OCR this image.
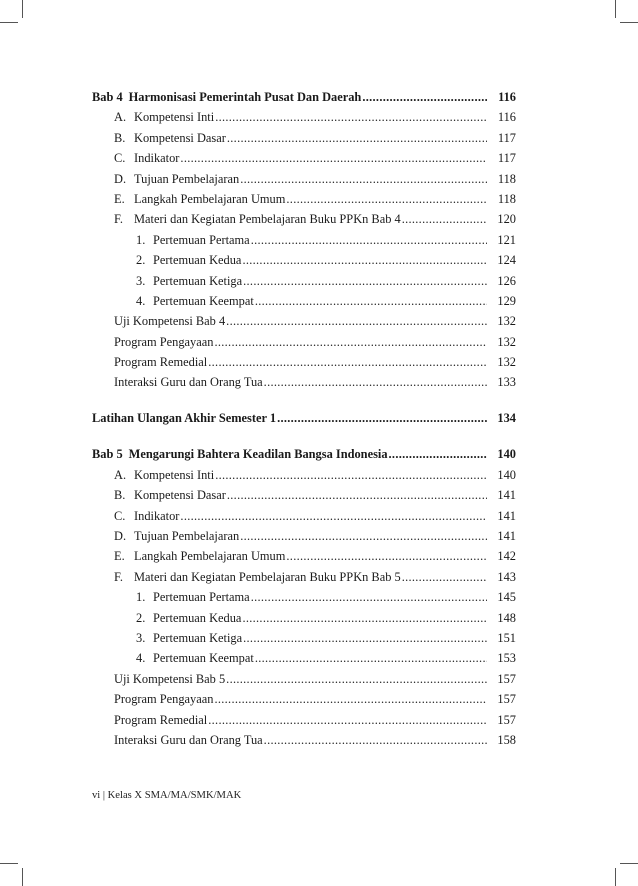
Bab 4 Harmonisasi Pemerintah Pusat Dan Daerah .....	116
A. Kompetensi Inti .....	116
B. Kompetensi Dasar .....	117
C. Indikator .....	117
D. Tujuan Pembelajaran .....	118
E. Langkah Pembelajaran Umum .....	118
F. Materi dan Kegiatan Pembelajaran Buku PPKn Bab 4 .....	120
1. Pertemuan Pertama .....	121
2. Pertemuan Kedua .....	124
3. Pertemuan Ketiga .....	126
4. Pertemuan Keempat .....	129
Uji Kompetensi Bab 4 .....	132
Program Pengayaan .....	132
Program Remedial .....	132
Interaksi Guru dan Orang Tua .....	133
Latihan Ulangan Akhir Semester 1 .....	134
Bab 5 Mengarungi Bahtera Keadilan Bangsa Indonesia .....	140
A. Kompetensi Inti .....	140
B. Kompetensi Dasar .....	141
C. Indikator .....	141
D. Tujuan Pembelajaran .....	141
E. Langkah Pembelajaran Umum .....	142
F. Materi dan Kegiatan Pembelajaran Buku PPKn Bab 5 .....	143
1. Pertemuan Pertama .....	145
2. Pertemuan Kedua .....	148
3. Pertemuan Ketiga .....	151
4. Pertemuan Keempat .....	153
Uji Kompetensi Bab 5 .....	157
Program Pengayaan .....	157
Program Remedial .....	157
Interaksi Guru dan Orang Tua .....	158
vi | Kelas X SMA/MA/SMK/MAK
